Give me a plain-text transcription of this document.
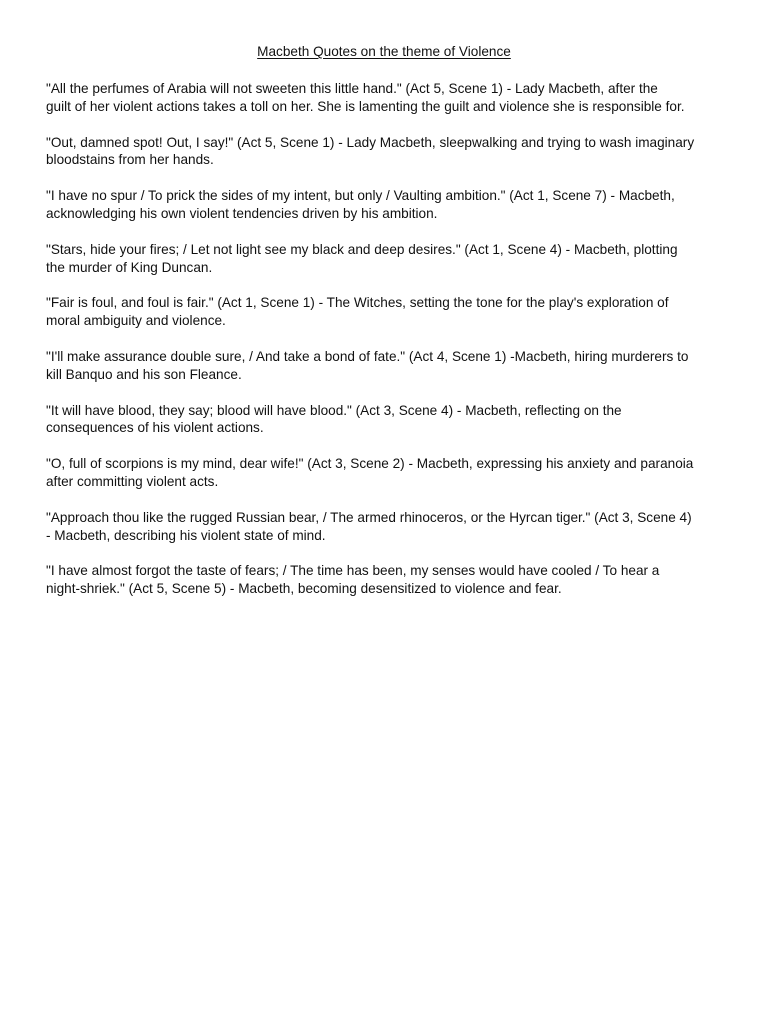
Macbeth Quotes on the theme of Violence

"All the perfumes of Arabia will not sweeten this little hand." (Act 5, Scene 1) - Lady Macbeth, after the
guilt of her violent actions takes a toll on her. She is lamenting the guilt and violence she is responsible for.

"Out, damned spot! Out, I say!" (Act 5, Scene 1) - Lady Macbeth, sleepwalking and trying to wash imaginary
bloodstains from her hands.

"I have no spur / To prick the sides of my intent, but only / Vaulting ambition." (Act 1, Scene 7) - Macbeth,
acknowledging his own violent tendencies driven by his ambition.

"Stars, hide your fires; / Let not light see my black and deep desires." (Act 1, Scene 4) - Macbeth, plotting
the murder of King Duncan.

"Fair is foul, and foul is fair." (Act 1, Scene 1) - The Witches, setting the tone for the play's exploration of
moral ambiguity and violence.

"I'll make assurance double sure, / And take a bond of fate." (Act 4, Scene 1) -Macbeth, hiring murderers to
kill Banquo and his son Fleance.

"It will have blood, they say; blood will have blood." (Act 3, Scene 4) - Macbeth, reflecting on the
consequences of his violent actions.

"O, full of scorpions is my mind, dear wife!" (Act 3, Scene 2) - Macbeth, expressing his anxiety and paranoia
after committing violent acts.

"Approach thou like the rugged Russian bear, / The armed rhinoceros, or the Hyrcan tiger." (Act 3, Scene 4)
- Macbeth, describing his violent state of mind.

"I have almost forgot the taste of fears; / The time has been, my senses would have cooled / To hear a
night-shriek." (Act 5, Scene 5) - Macbeth, becoming desensitized to violence and fear.
